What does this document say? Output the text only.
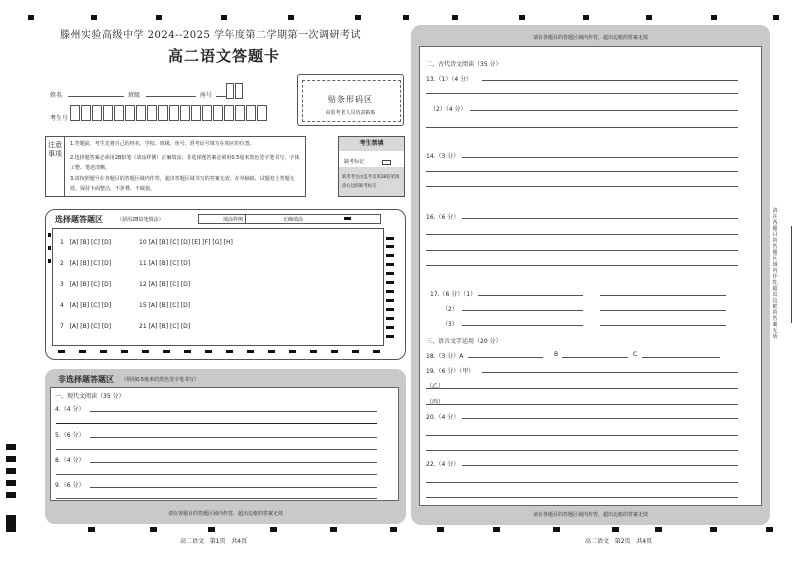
滕州实验高级中学 2024--2025 学年度第二学期第一次调研考试
高二语文答题卡
姓名	班级	座号
考生号
贴条形码区
由监考老人员负责粘贴
注意事项
1.答题前，考生先将自己的姓名、学校、班级、座号、准考证号填写在相应的位置。
2.选择题答案必须用2B铅笔（请涂样例）正确填涂；非选择题答案必须用0.5毫米黑色签字笔书写，字体工整、笔迹清晰。
3.请按照题号在各题目的答题区域内作答，超出答题区域书写的答案无效；在草稿纸、试题卷上答题无效。保持卡面整洁，不折叠，不破损。
考生禁填
缺考标记
缺考考生由监考员用2B铅笔填涂右边的缺考标记
选择题答题区	（须用2B铅笔填涂）	填涂样例	正确填涂
1 [A] [B] [C] [D]
2 [A] [B] [C] [D]
3 [A] [B] [C] [D]
4 [A] [B] [C] [D]
7 [A] [B] [C] [D]
10 [A] [B] [C] [D] [E] [F] [G] [H]
11 [A] [B] [C] [D]
12 [A] [B] [C] [D]
15 [A] [B] [C] [D]
21 [A] [B] [C] [D]
非选择题答题区 （须用0.5毫米的黑色签字笔书写）
一、现代文阅读（35 分）
4.（4 分）
5.（6 分）
8.（4 分）
9.（6 分）
请在各题目的答题区域内作答，超出边框的答案无效
高二语文   第1页   共4页
请在各题目的答题区域内作答，超出边框的答案无效
二、古代诗文阅读（35 分）
13.（1）（4 分）
（2）（4 分）
14.（3 分）
16.（6 分）
17.（6 分）（1）
（2）
（3）
三、语言文字运用（20 分）
18.（3 分）A	B	C
19.（6 分）（甲）
（乙）
（丙）
20.（4 分）
22.（4 分）
请在各题目的答题区域内作答，超出边框的答案无效
请在各题目的答题区域内作答，超出边框的答案无效
高二语文   第2页   共4页
